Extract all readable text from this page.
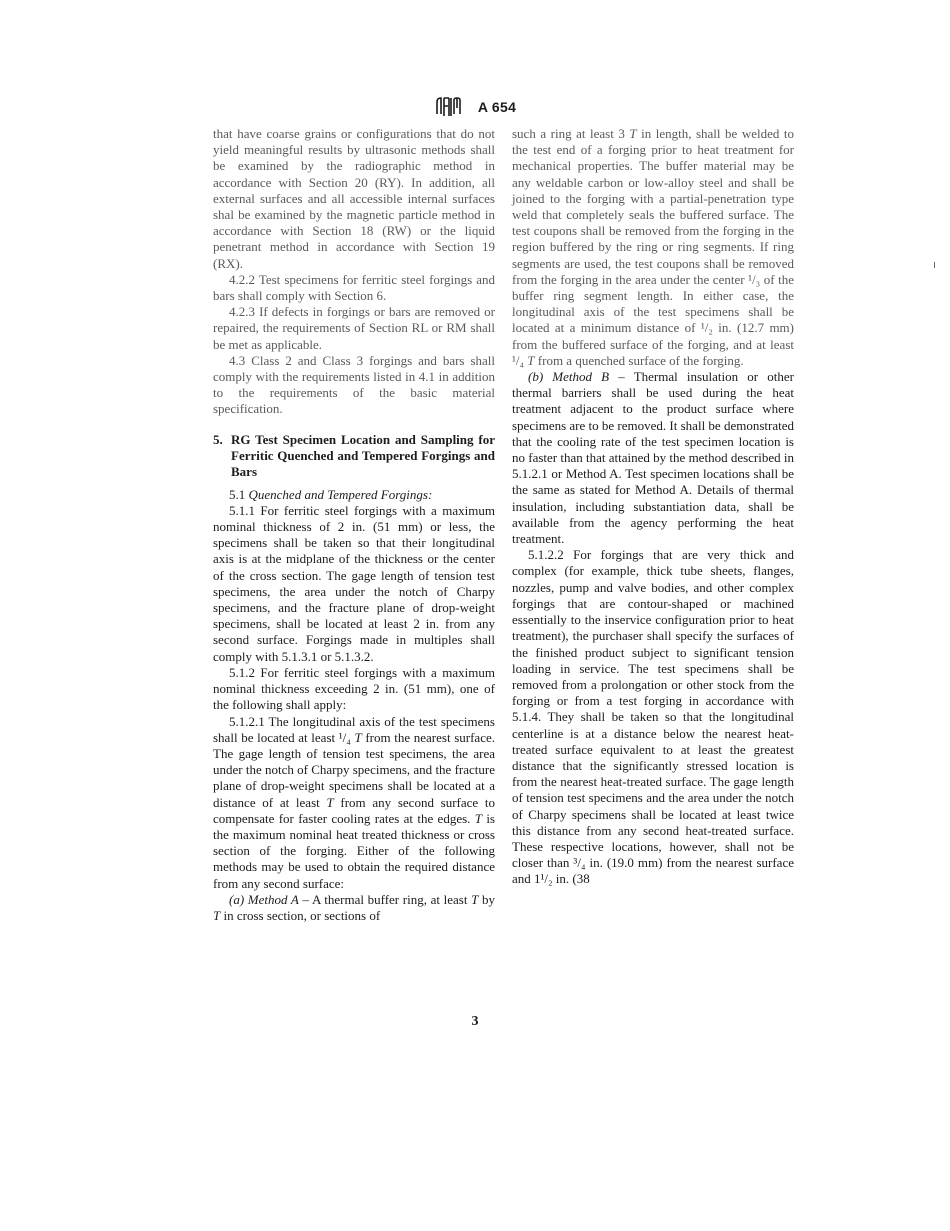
A 654

that have coarse grains or configurations that do not yield meaningful results by ultrasonic methods shall be examined by the radiographic method in accordance with Section 20 (RY). In addition, all external surfaces and all accessible internal surfaces shal be examined by the magnetic particle method in accordance with Section 18 (RW) or the liquid penetrant method in accordance with Section 19 (RX).

4.2.2 Test specimens for ferritic steel forgings and bars shall comply with Section 6.

4.2.3 If defects in forgings or bars are removed or repaired, the requirements of Section RL or RM shall be met as applicable.

4.3 Class 2 and Class 3 forgings and bars shall comply with the requirements listed in 4.1 in addition to the requirements of the basic material specification.

5. RG Test Specimen Location and Sampling for Ferritic Quenched and Tempered Forgings and Bars

5.1 Quenched and Tempered Forgings:

5.1.1 For ferritic steel forgings with a maximum nominal thickness of 2 in. (51 mm) or less, the specimens shall be taken so that their longitudinal axis is at the midplane of the thickness or the center of the cross section. The gage length of tension test specimens, the area under the notch of Charpy specimens, and the fracture plane of drop-weight specimens, shall be located at least 2 in. from any second surface. Forgings made in multiples shall comply with 5.1.3.1 or 5.1.3.2.

5.1.2 For ferritic steel forgings with a maximum nominal thickness exceeding 2 in. (51 mm), one of the following shall apply:

5.1.2.1 The longitudinal axis of the test specimens shall be located at least ¹/₄ T from the nearest surface. The gage length of tension test specimens, the area under the notch of Charpy specimens, and the fracture plane of drop-weight specimens shall be located at a distance of at least T from any second surface to compensate for faster cooling rates at the edges. T is the maximum nominal heat treated thickness or cross section of the forging. Either of the following methods may be used to obtain the required distance from any second surface:

(a) Method A – A thermal buffer ring, at least T by T in cross section, or sections of

such a ring at least 3 T in length, shall be welded to the test end of a forging prior to heat treatment for mechanical properties. The buffer material may be any weldable carbon or low-alloy steel and shall be joined to the forging with a partial-penetration type weld that completely seals the buffered surface. The test coupons shall be removed from the forging in the region buffered by the ring or ring segments. If ring segments are used, the test coupons shall be removed from the forging in the area under the center ¹/₃ of the buffer ring segment length. In either case, the longitudinal axis of the test specimens shall be located at a minimum distance of ¹/₂ in. (12.7 mm) from the buffered surface of the forging, and at least ¹/₄ T from a quenched surface of the forging.

(b) Method B – Thermal insulation or other thermal barriers shall be used during the heat treatment adjacent to the product surface where specimens are to be removed. It shall be demonstrated that the cooling rate of the test specimen location is no faster than that attained by the method described in 5.1.2.1 or Method A. Test specimen locations shall be the same as stated for Method A. Details of thermal insulation, including substantiation data, shall be available from the agency performing the heat treatment.

5.1.2.2 For forgings that are very thick and complex (for example, thick tube sheets, flanges, nozzles, pump and valve bodies, and other complex forgings that are contour-shaped or machined essentially to the inservice configuration prior to heat treatment), the purchaser shall specify the surfaces of the finished product subject to significant tension loading in service. The test specimens shall be removed from a prolongation or other stock from the forging or from a test forging in accordance with 5.1.4. They shall be taken so that the longitudinal centerline is at a distance below the nearest heat-treated surface equivalent to at least the greatest distance that the significantly stressed location is from the nearest heat-treated surface. The gage length of tension test specimens and the area under the notch of Charpy specimens shall be located at least twice this distance from any second heat-treated surface. These respective locations, however, shall not be closer than ³/₄ in. (19.0 mm) from the nearest surface and 1¹/₂ in. (38

3
